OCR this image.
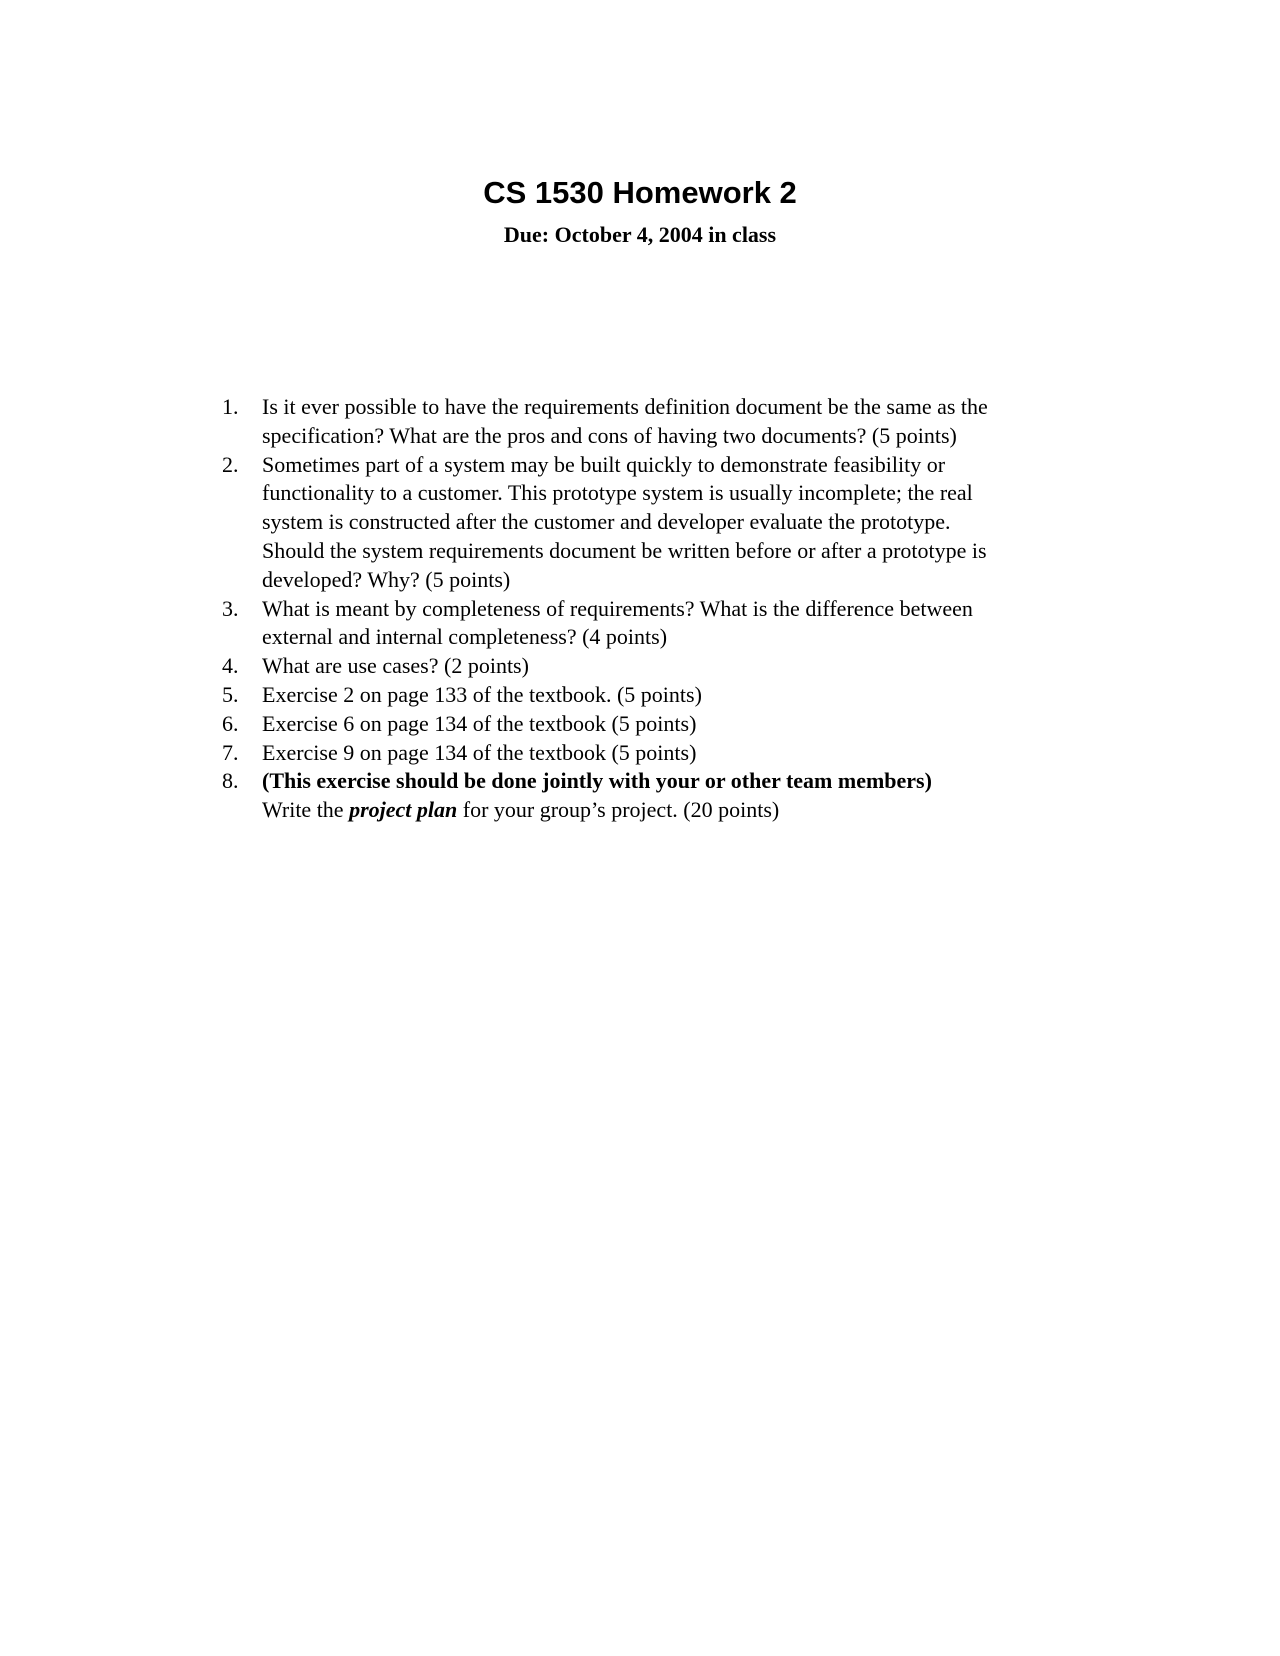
CS 1530 Homework 2
Due: October 4, 2004 in class
1. Is it ever possible to have the requirements definition document be the same as the
specification? What are the pros and cons of having two documents? (5 points)
2. Sometimes part of a system may be built quickly to demonstrate feasibility or
functionality to a customer. This prototype system is usually incomplete; the real
system is constructed after the customer and developer evaluate the prototype.
Should the system requirements document be written before or after a prototype is
developed? Why? (5 points)
3. What is meant by completeness of requirements? What is the difference between
external and internal completeness? (4 points)
4. What are use cases? (2 points)
5. Exercise 2 on page 133 of the textbook. (5 points)
6. Exercise 6 on page 134 of the textbook (5 points)
7. Exercise 9 on page 134 of the textbook (5 points)
8. (This exercise should be done jointly with your or other team members)
Write the project plan for your group’s project. (20 points)
